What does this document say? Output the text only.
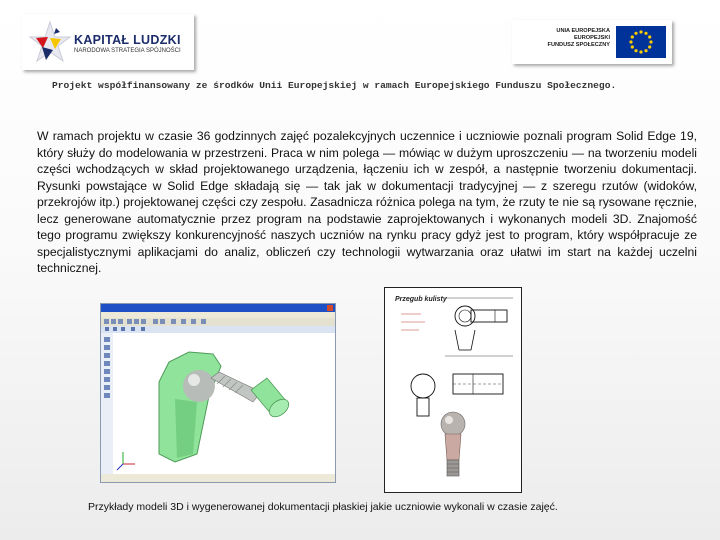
KAPITAŁ LUDZKI
NARODOWA STRATEGIA SPÓJNOŚCI
UNIA EUROPEJSKA
EUROPEJSKI
FUNDUSZ SPOŁECZNY
Projekt współfinansowany ze środków Unii Europejskiej w ramach Europejskiego Funduszu Społecznego.
W ramach projektu w czasie 36 godzinnych zajęć pozalekcyjnych uczennice i uczniowie poznali program Solid Edge 19, który służy do modelowania w przestrzeni. Praca w nim polega — mówiąc w dużym uproszczeniu — na tworzeniu modeli części wchodzących w skład projektowanego urządzenia, łączeniu ich w zespół, a następnie tworzeniu dokumentacji. Rysunki powstające w Solid Edge składają się — tak jak w dokumentacji tradycyjnej — z szeregu rzutów (widoków, przekrojów itp.) projektowanej części czy zespołu. Zasadnicza różnica polega na tym, że rzuty te nie są rysowane ręcznie, lecz generowane automatycznie przez program na podstawie zaprojektowanych i wykonanych modeli 3D. Znajomość tego programu zwiększy konkurencyjność naszych uczniów na rynku pracy gdyż jest to program, który współpracuje ze specjalistycznymi aplikacjami do analiz, obliczeń czy technologii wytwarzania oraz ułatwi im start na każdej uczelni technicznej.
Przegub kulisty
Przykłady modeli 3D i wygenerowanej dokumentacji płaskiej jakie uczniowie wykonali w czasie zajęć.
